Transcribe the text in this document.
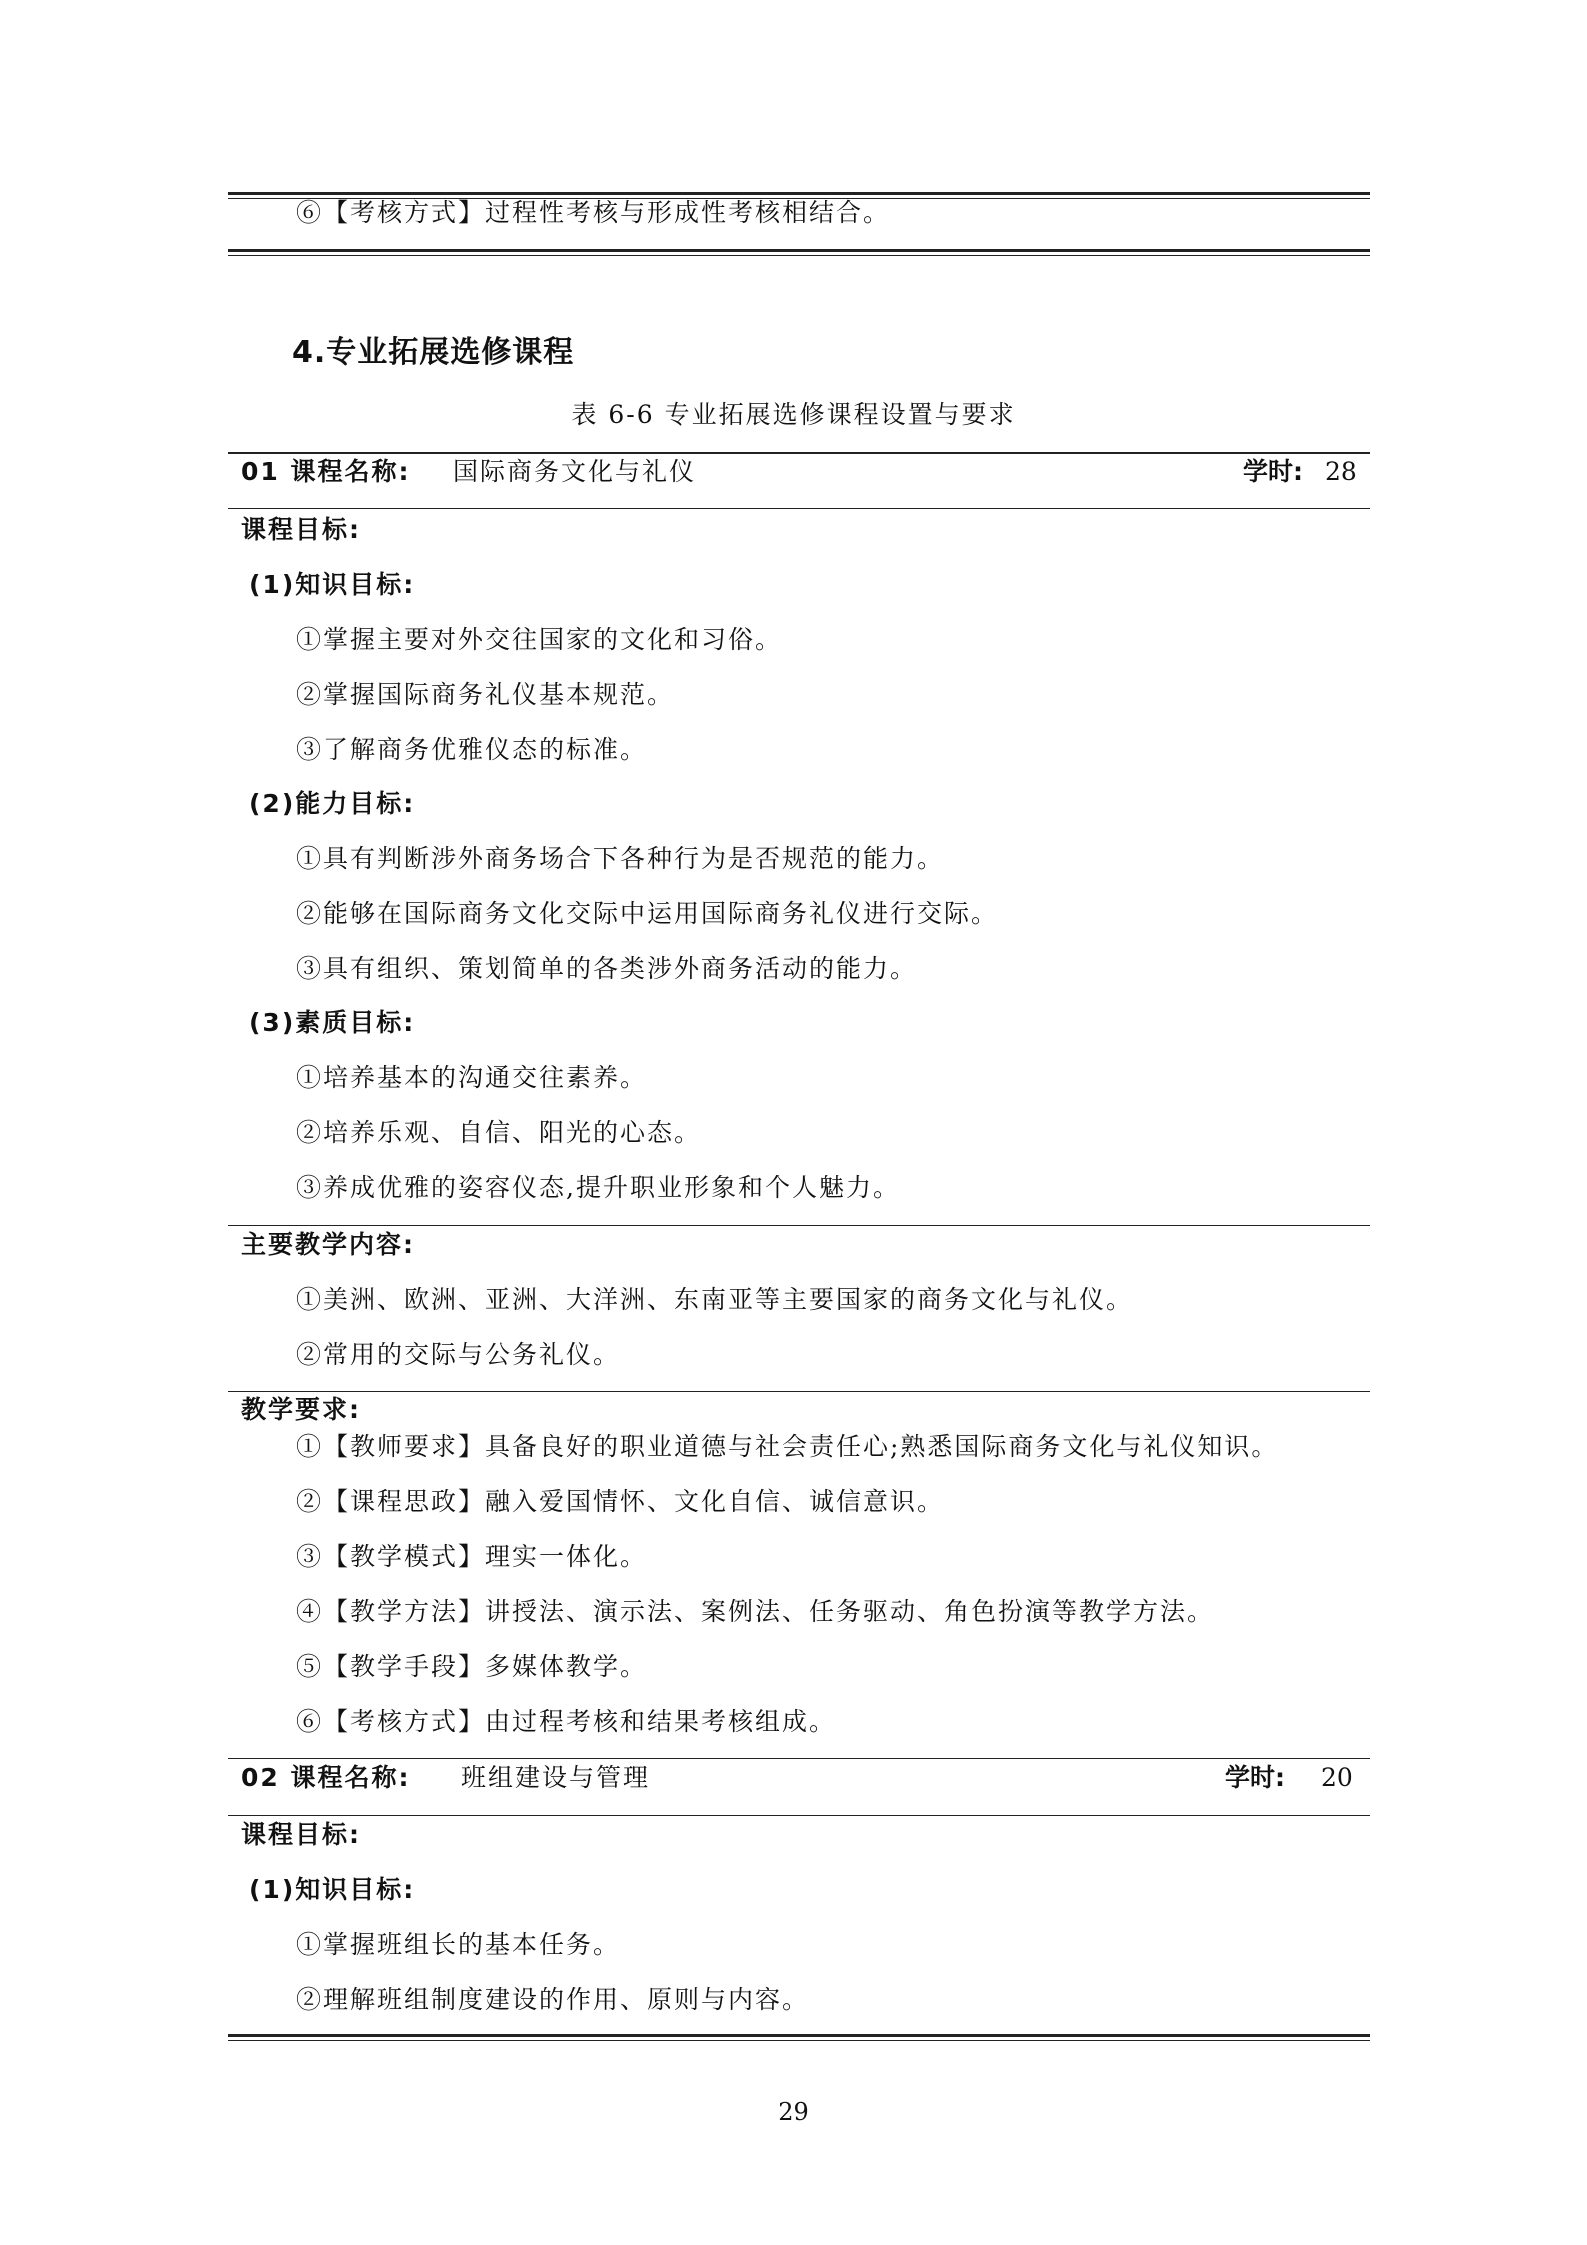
⑥【考核方式】过程性考核与形成性考核相结合。
4.专业拓展选修课程
表 6-6 专业拓展选修课程设置与要求
01 课程名称: 国际商务文化与礼仪	学时: 28
课程目标:
(1)知识目标:
①掌握主要对外交往国家的文化和习俗。
②掌握国际商务礼仪基本规范。
③了解商务优雅仪态的标准。
(2)能力目标:
①具有判断涉外商务场合下各种行为是否规范的能力。
②能够在国际商务文化交际中运用国际商务礼仪进行交际。
③具有组织、策划简单的各类涉外商务活动的能力。
(3)素质目标:
①培养基本的沟通交往素养。
②培养乐观、自信、阳光的心态。
③养成优雅的姿容仪态,提升职业形象和个人魅力。
主要教学内容:
①美洲、欧洲、亚洲、大洋洲、东南亚等主要国家的商务文化与礼仪。
②常用的交际与公务礼仪。
教学要求:
①【教师要求】具备良好的职业道德与社会责任心;熟悉国际商务文化与礼仪知识。
②【课程思政】融入爱国情怀、文化自信、诚信意识。
③【教学模式】理实一体化。
④【教学方法】讲授法、演示法、案例法、任务驱动、角色扮演等教学方法。
⑤【教学手段】多媒体教学。
⑥【考核方式】由过程考核和结果考核组成。
02 课程名称: 班组建设与管理	学时: 20
课程目标:
(1)知识目标:
①掌握班组长的基本任务。
②理解班组制度建设的作用、原则与内容。
29
